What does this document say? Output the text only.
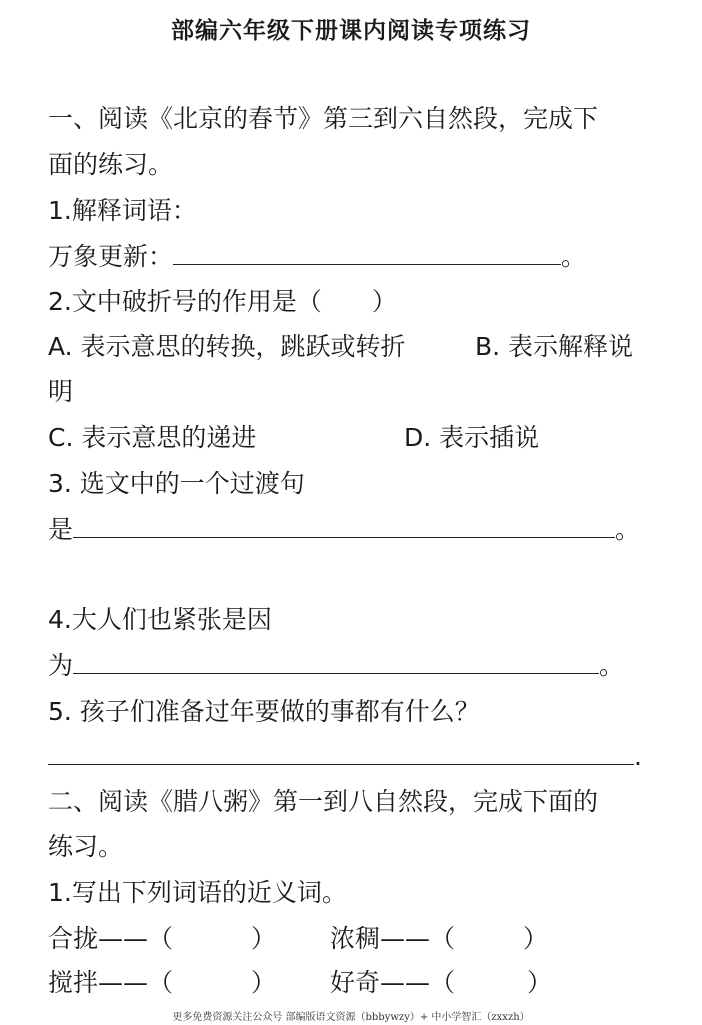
部编六年级下册课内阅读专项练习
一、阅读《北京的春节》第三到六自然段，完成下
面的练习。
1.解释词语：
万象更新：	。
2.文中破折号的作用是（　　）
A. 表示意思的转换，跳跃或转折	B. 表示解释说
明
C. 表示意思的递进	D. 表示插说
3. 选文中的一个过渡句
是	。
4.大人们也紧张是因
为	。
5. 孩子们准备过年要做的事都有什么？
.
二、阅读《腊八粥》第一到八自然段，完成下面的
练习。
1.写出下列词语的近义词。
合拢——（	） 浓稠——（	）
搅拌——（	） 好奇——（	）
更多免费资源关注公众号 部编版语文资源（bbbywzy）+ 中小学智汇（zxxzh）
